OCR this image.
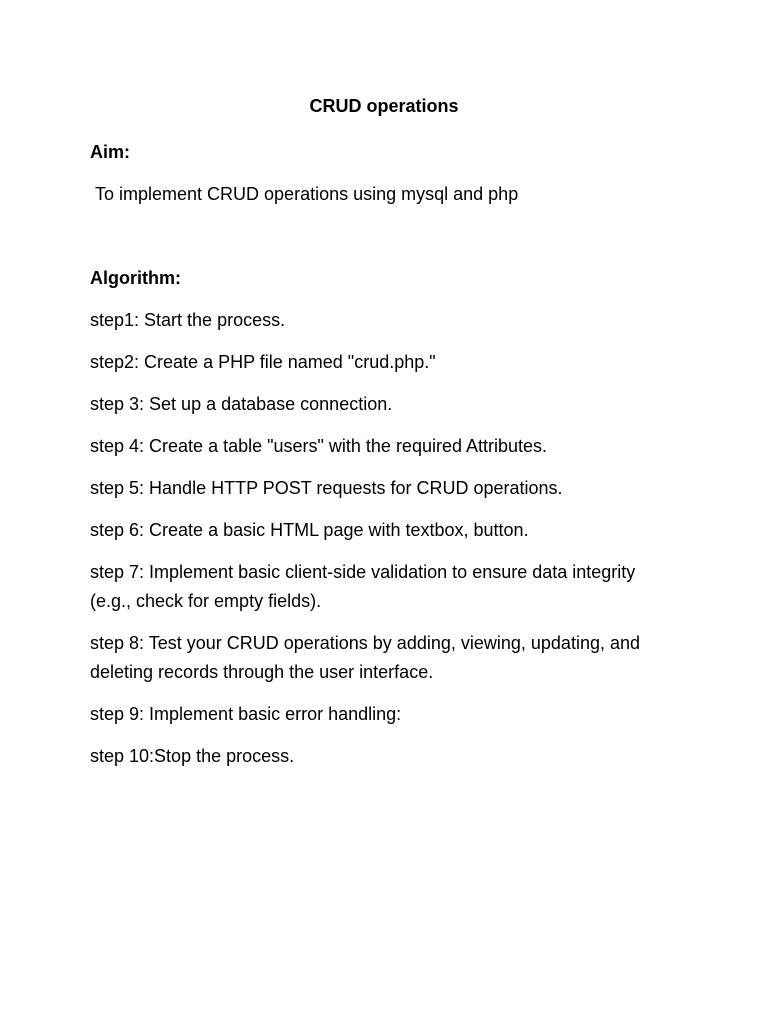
CRUD operations

Aim:

To implement CRUD operations using mysql and php

Algorithm:

step1: Start the process.

step2: Create a PHP file named "crud.php."

step 3: Set up a database connection.

step 4: Create a table "users" with the required Attributes.

step 5: Handle HTTP POST requests for CRUD operations.

step 6: Create a basic HTML page with textbox, button.

step 7: Implement basic client-side validation to ensure data integrity (e.g., check for empty fields).

step 8: Test your CRUD operations by adding, viewing, updating, and deleting records through the user interface.

step 9: Implement basic error handling:

step 10:Stop the process.
